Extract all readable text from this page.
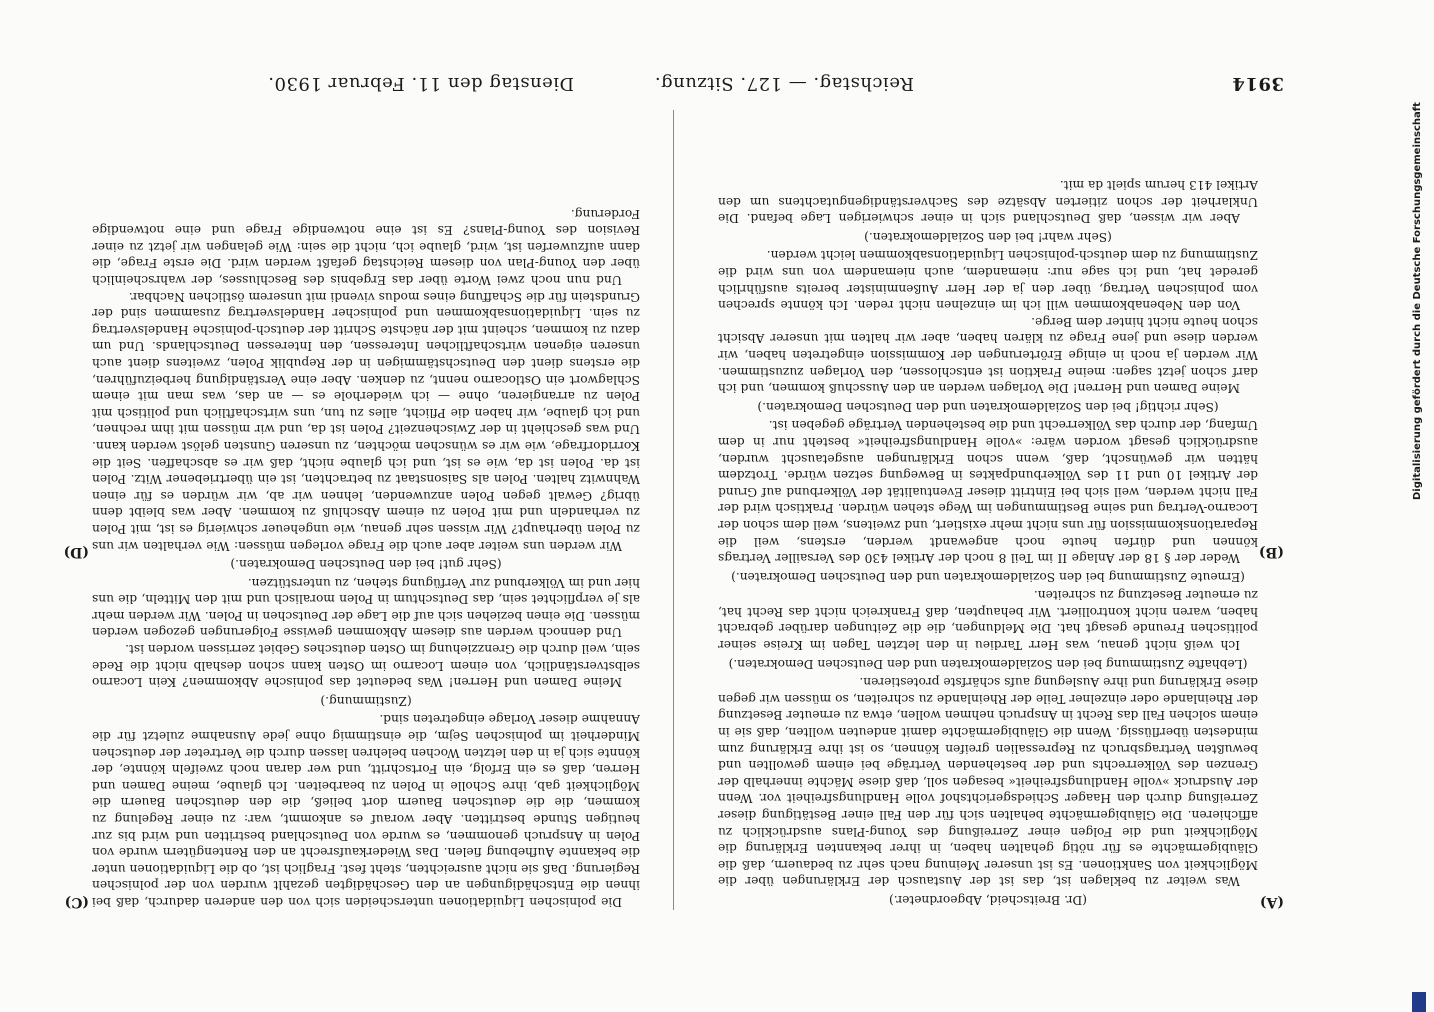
3914
Reichstag. — 127. Sitzung.
Dienstag den 11. Februar 1930.
(A)
(B)
(C)
(D)

(Dr. Breitscheid, Abgeordneter.)

Was weiter zu beklagen ist, das ist der Austausch der Erklärungen über die Möglichkeit von Sanktionen. Es ist unserer Meinung nach sehr zu bedauern, daß die Gläubigermächte es für nötig gehalten haben, in ihrer bekannten Erklärung die Möglichkeit und die Folgen einer Zerreißung des Young-Plans ausdrücklich zu affichieren. Die Gläubigermächte behalten sich für den Fall einer Bestätigung dieser Zerreißung durch den Haager Schiedsgerichtshof volle Handlungsfreiheit vor. Wenn der Ausdruck »volle Handlungsfreiheit« besagen soll, daß diese Mächte innerhalb der Grenzen des Völkerrechts und der bestehenden Verträge bei einem gewollten und bewußten Vertragsbruch zu Repressalien greifen können, so ist ihre Erklärung zum mindesten überflüssig. Wenn die Gläubigermächte damit andeuten wollten, daß sie in einem solchen Fall das Recht in Anspruch nehmen wollen, etwa zu erneuter Besetzung der Rheinlande oder einzelner Teile der Rheinlande zu schreiten, so müssen wir gegen diese Erklärung und ihre Auslegung aufs schärfste protestieren.

(Lebhafte Zustimmung bei den Sozialdemokraten und den Deutschen Demokraten.)

Ich weiß nicht genau, was Herr Tardieu in den letzten Tagen im Kreise seiner politischen Freunde gesagt hat. Die Meldungen, die die Zeitungen darüber gebracht haben, waren nicht kontrolliert. Wir behaupten, daß Frankreich nicht das Recht hat, zu erneuter Besetzung zu schreiten.

(Erneute Zustimmung bei den Sozialdemokraten und den Deutschen Demokraten.)

Weder der § 18 der Anlage II im Teil 8 noch der Artikel 430 des Versailler Vertrags können und dürfen heute noch angewandt werden, erstens, weil die Reparationskommission für uns nicht mehr existiert, und zweitens, weil dem schon der Locarno-Vertrag und seine Bestimmungen im Wege stehen würden. Praktisch wird der Fall nicht werden, weil sich bei Eintritt dieser Eventualität der Völkerbund auf Grund der Artikel 10 und 11 des Völkerbundpaktes in Bewegung setzen würde. Trotzdem hätten wir gewünscht, daß, wenn schon Erklärungen ausgetauscht wurden, ausdrücklich gesagt worden wäre: »volle Handlungsfreiheit« besteht nur in dem Umfang, der durch das Völkerrecht und die bestehenden Verträge gegeben ist.

(Sehr richtig! bei den Sozialdemokraten und den Deutschen Demokraten.)

Meine Damen und Herren! Die Vorlagen werden an den Ausschuß kommen, und ich darf schon jetzt sagen: meine Fraktion ist entschlossen, den Vorlagen zuzustimmen. Wir werden ja noch in einige Erörterungen der Kommission eingetreten haben, wir werden diese und jene Frage zu klären haben, aber wir halten mit unserer Absicht schon heute nicht hinter dem Berge.

Von den Nebenabkommen will ich im einzelnen nicht reden. Ich könnte sprechen vom polnischen Vertrag, über den ja der Herr Außenminister bereits ausführlich geredet hat, und ich sage nur: niemandem, auch niemandem von uns wird die Zustimmung zu dem deutsch-polnischen Liquidationsabkommen leicht werden.

(Sehr wahr! bei den Sozialdemokraten.)

Aber wir wissen, daß Deutschland sich in einer schwierigen Lage befand. Die Unklarheit der schon zitierten Absätze des Sachverständigengutachtens um den Artikel 413 herum spielt da mit.

Die polnischen Liquidationen unterscheiden sich von den anderen dadurch, daß bei ihnen die Entschädigungen an den Geschädigten gezahlt wurden von der polnischen Regierung. Daß sie nicht ausreichten, steht fest. Fraglich ist, ob die Liquidationen unter die bekannte Aufhebung fielen. Das Wiederkaufsrecht an den Rentengütern wurde von Polen in Anspruch genommen, es wurde von Deutschland bestritten und wird bis zur heutigen Stunde bestritten. Aber worauf es ankommt, war: zu einer Regelung zu kommen, die die deutschen Bauern dort beließ, die den deutschen Bauern die Möglichkeit gab, ihre Scholle in Polen zu bearbeiten. Ich glaube, meine Damen und Herren, daß es ein Erfolg, ein Fortschritt, und wer daran noch zweifeln könnte, der könnte sich ja in den letzten Wochen belehren lassen durch die Vertreter der deutschen Minderheit im polnischen Sejm, die einstimmig ohne jede Ausnahme zuletzt für die Annahme dieser Vorlage eingetreten sind.

(Zustimmung.)

Meine Damen und Herren! Was bedeutet das polnische Abkommen? Kein Locarno selbstverständlich, von einem Locarno im Osten kann schon deshalb nicht die Rede sein, weil durch die Grenzziehung im Osten deutsches Gebiet zerrissen worden ist.

Und dennoch werden aus diesem Abkommen gewisse Folgerungen gezogen werden müssen. Die einen beziehen sich auf die Lage der Deutschen in Polen. Wir werden mehr als je verpflichtet sein, das Deutschtum in Polen moralisch und mit den Mitteln, die uns hier und im Völkerbund zur Verfügung stehen, zu unterstützen.

(Sehr gut! bei den Deutschen Demokraten.)

Wir werden uns weiter aber auch die Frage vorlegen müssen: Wie verhalten wir uns zu Polen überhaupt? Wir wissen sehr genau, wie ungeheuer schwierig es ist, mit Polen zu verhandeln und mit Polen zu einem Abschluß zu kommen. Aber was bleibt denn übrig? Gewalt gegen Polen anzuwenden, lehnen wir ab, wir würden es für einen Wahnwitz halten. Polen als Saisonstaat zu betrachten, ist ein übertriebener Witz. Polen ist da. Polen ist da, wie es ist, und ich glaube nicht, daß wir es abschaffen. Seit die Korridorfrage, wie wir es wünschen möchten, zu unseren Gunsten gelöst werden kann. Und was geschieht in der Zwischenzeit? Polen ist da, und wir müssen mit ihm rechnen, und ich glaube, wir haben die Pflicht, alles zu tun, uns wirtschaftlich und politisch mit Polen zu arrangieren, ohne — ich wiederhole es — an das, was man mit einem Schlagwort ein Ostlocarno nennt, zu denken. Aber eine Verständigung herbeizuführen, die erstens dient den Deutschstämmigen in der Republik Polen, zweitens dient auch unseren eigenen wirtschaftlichen Interessen, den Interessen Deutschlands. Und um dazu zu kommen, scheint mit der nächste Schritt der deutsch-polnische Handelsvertrag zu sein. Liquidationsabkommen und polnischer Handelsvertrag zusammen sind der Grundstein für die Schaffung eines modus vivendi mit unserem östlichen Nachbar.

Und nun noch zwei Worte über das Ergebnis des Beschlusses, der wahrscheinlich über den Young-Plan von diesem Reichstag gefaßt werden wird. Die erste Frage, die dann aufzuwerfen ist, wird, glaube ich, nicht die sein: Wie gelangen wir jetzt zu einer Revision des Young-Plans? Es ist eine notwendige Frage und eine notwendige Forderung.	Digitalisierung gefördert durch die Deutsche Forschungsgemeinschaft
